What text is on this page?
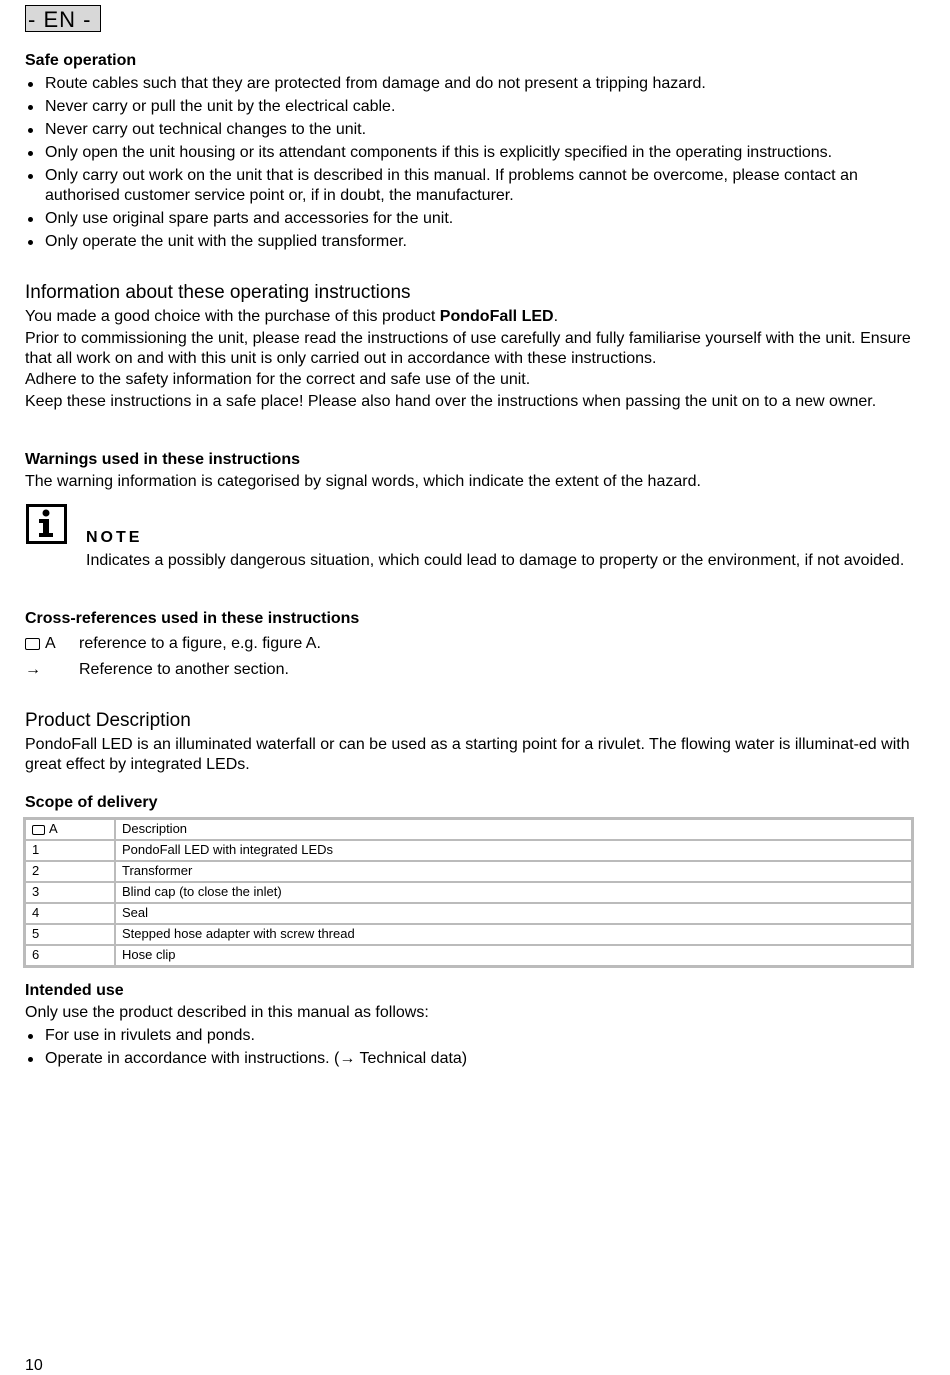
- EN -
Safe operation
Route cables such that they are protected from damage and do not present a tripping hazard.
Never carry or pull the unit by the electrical cable.
Never carry out technical changes to the unit.
Only open the unit housing or its attendant components if this is explicitly specified in the operating instructions.
Only carry out work on the unit that is described in this manual. If problems cannot be overcome, please contact an authorised customer service point or, if in doubt, the manufacturer.
Only use original spare parts and accessories for the unit.
Only operate the unit with the supplied transformer.
Information about these operating instructions
You made a good choice with the purchase of this product PondoFall LED.
Prior to commissioning the unit, please read the instructions of use carefully and fully familiarise yourself with the unit. Ensure that all work on and with this unit is only carried out in accordance with these instructions.
Adhere to the safety information for the correct and safe use of the unit.
Keep these instructions in a safe place! Please also hand over the instructions when passing the unit on to a new owner.
Warnings used in these instructions
The warning information is categorised by signal words, which indicate the extent of the hazard.
NOTE
Indicates a possibly dangerous situation, which could lead to damage to property or the environment, if not avoided.
Cross-references used in these instructions
A reference to a figure, e.g. figure A.
→ Reference to another section.
Product Description
PondoFall LED is an illuminated waterfall or can be used as a starting point for a rivulet. The flowing water is illuminat-ed with great effect by integrated LEDs.
Scope of delivery
A	Description
1	PondoFall LED with integrated LEDs
2	Transformer
3	Blind cap (to close the inlet)
4	Seal
5	Stepped hose adapter with screw thread
6	Hose clip
Intended use
Only use the product described in this manual as follows:
For use in rivulets and ponds.
Operate in accordance with instructions. (→ Technical data)
10
